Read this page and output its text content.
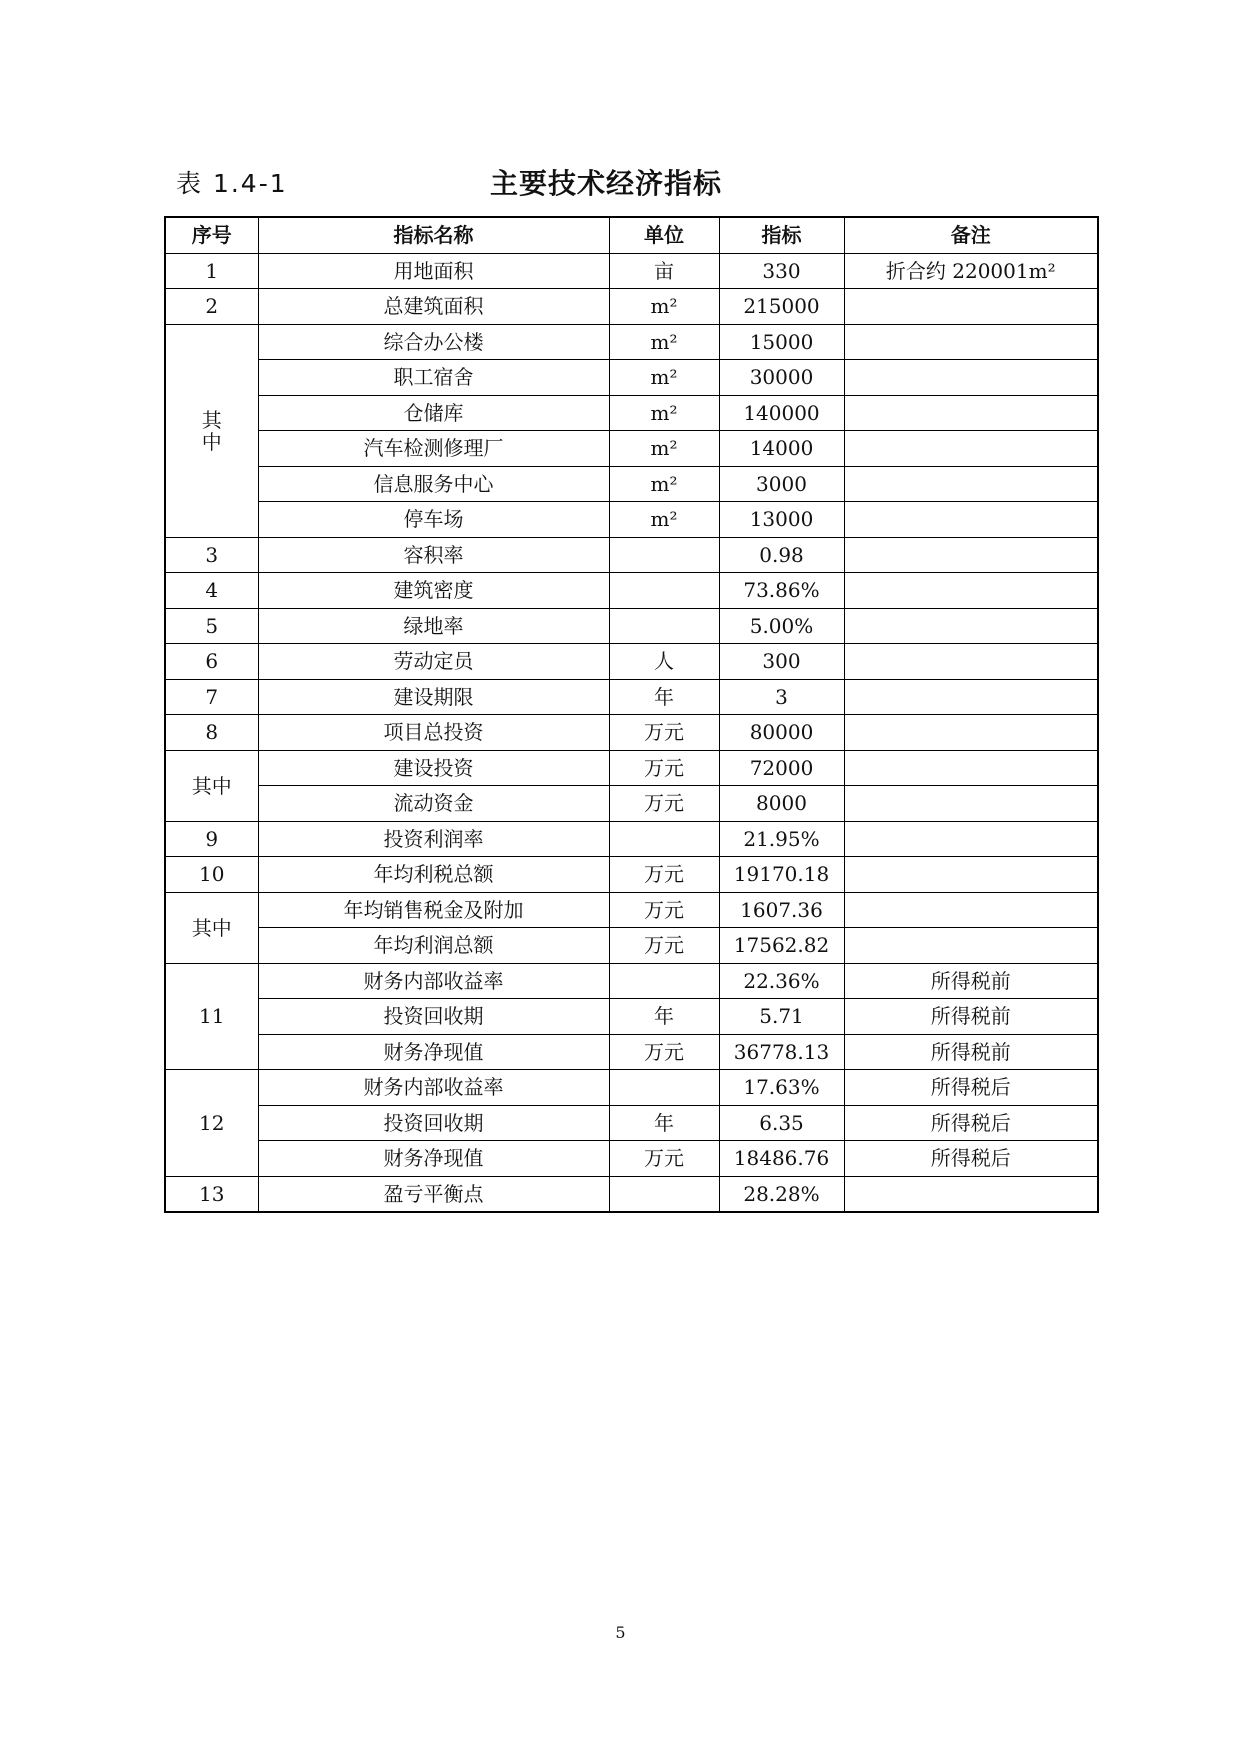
表 1.4-1	主要技术经济指标
序号	指标名称	单位	指标	备注
1	用地面积	亩	330	折合约 220001m²
2	总建筑面积	m²	215000	
其
中	综合办公楼	m²	15000	
	职工宿舍	m²	30000	
	仓储库	m²	140000	
	汽车检测修理厂	m²	14000	
	信息服务中心	m²	3000	
	停车场	m²	13000	
3	容积率		0.98	
4	建筑密度		73.86%	
5	绿地率		5.00%	
6	劳动定员	人	300	
7	建设期限	年	3	
8	项目总投资	万元	80000	
其中	建设投资	万元	72000	
	流动资金	万元	8000	
9	投资利润率		21.95%	
10	年均利税总额	万元	19170.18	
其中	年均销售税金及附加	万元	1607.36	
	年均利润总额	万元	17562.82	
11	财务内部收益率		22.36%	所得税前
	投资回收期	年	5.71	所得税前
	财务净现值	万元	36778.13	所得税前
12	财务内部收益率		17.63%	所得税后
	投资回收期	年	6.35	所得税后
	财务净现值	万元	18486.76	所得税后
13	盈亏平衡点		28.28%	
5
